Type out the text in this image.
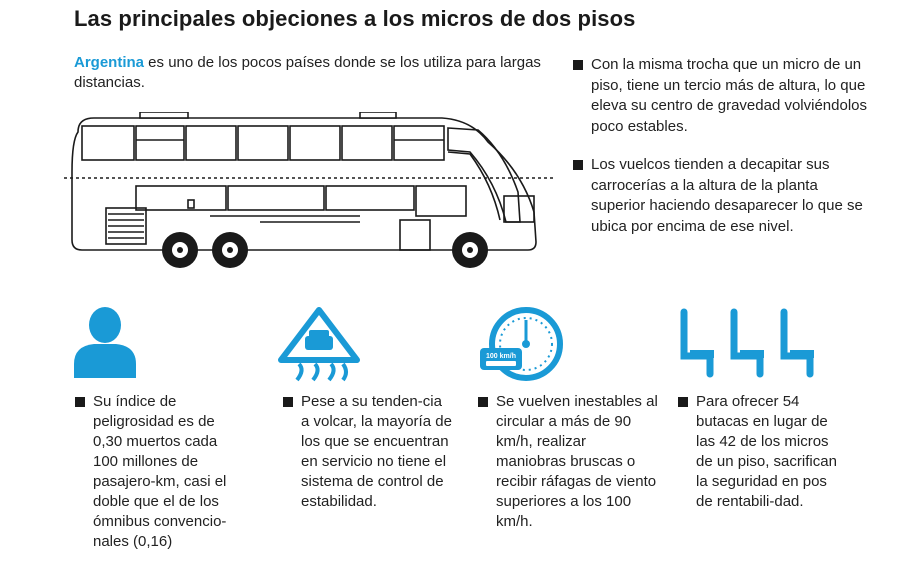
Las principales objeciones a los micros de dos pisos
Argentina es uno de los pocos países donde se los utiliza para largas distancias.
Con la misma trocha que un micro de un piso, tiene un tercio más de altura, lo que eleva su centro de gravedad volviéndolos poco estables.
Los vuelcos tienden a decapitar sus carrocerías a la altura de la planta superior haciendo desaparecer lo que se ubica por encima de ese nivel.
100 km/h
Su índice de peligrosidad es de 0,30 muertos cada 100 millones de pasajero-km, casi el doble que el de los ómnibus convencio-nales (0,16)
Pese a su tenden-cia a volcar, la mayoría de los que se encuentran en servicio no tiene el sistema de control de estabilidad.
Se vuelven inestables al circular a más de 90 km/h, realizar maniobras bruscas o recibir ráfagas de viento superiores a los 100 km/h.
Para ofrecer 54 butacas en lugar de las 42 de los micros de un piso, sacrifican la seguridad en pos de rentabili-dad.
